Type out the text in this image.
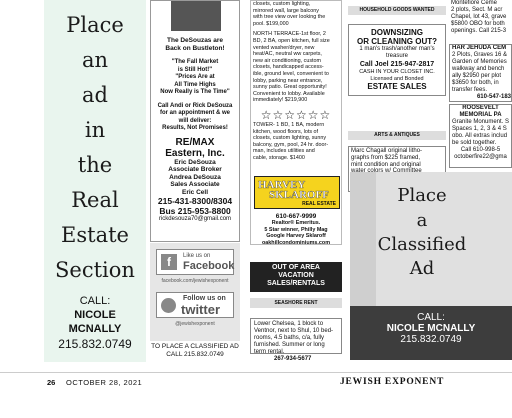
Place
an
ad
in
the
Real
Estate
Section
CALL:
NICOLE
MCNALLY
215.832.0749
The DeSouzas are
Back on Bustleton!
"The Fall Market
is Still Hot!"
"Prices Are at
All Time Highs
Now Really is The Time"
Call Andi or Rick DeSouza
for an appointment & we
will deliver:
Results, Not Promises!
RE/MAX
Eastern, Inc.
Eric DeSouza
Associate Broker
Andrea DeSouza
Sales Associate
Eric Cell
215-431-8300/8304
Bus 215-953-8800
rickdesouza70@gmail.com
f	Like us on
Facebook
facebook.com/jewishexponent
Follow us on
twitter
@jewishexponent
TO PLACE A CLASSIFIED AD
CALL 215.832.0749
closets, custom lighting,
mirrored wall, large balcony
with tree view over looking the
pool. $199,000
NORTH TERRACE-1st floor, 2
BD, 2 BA, open kitchen, full size
vented washer/dryer, new
heat/AC, neutral ww carpets,
new air conditioning, custom
closets, handicapped access-
ible, ground level, convenient to
lobby, parking near entrance,
sunny patio. Great opportunity!
Convenient to lobby. Available
immediately! $219,900
☆☆☆☆☆☆
TOWER- 1 BD, 1 BA, modern
kitchen, wood floors, lots of
closets, custom lighting, sunny
balcony, gym, pool, 24 hr. door-
man, includes utilities and
cable, storage. $1400
610-667-9999
Realtor® Emeritus.
5 Star winner, Philly Mag
Google Harvey Sklaroff
oakhillcondominiums.com
HARVEY
SKLAROFF
REAL ESTATE
OUT OF AREA
VACATION
SALES/RENTALS
SEASHORE RENT
Lower Chelsea, 1 block to
Ventnor, next to Shul, 10 bed-
rooms, 4.5 baths, c/a, fully
furnished. Summer or long
term rental.
267-934-5677
HOUSEHOLD GOODS WANTED
DOWNSIZING
OR CLEANING OUT?
1 man's trash/another man's
treasure
Call Joel 215-947-2817
CASH IN YOUR CLOSET INC.
Licensed and Bonded
ESTATE SALES
ARTS & ANTIQUES
Marc Chagall original litho-
graphs from $225 framed,
mint condition and original
Place
a
Classified
Ad
CALL:
NICOLE MCNALLY
215.832.0749
Montefiore Ceme
2 plots, Sect. M acr
Chapel, lot 43, grave
$5800 OBO for both
openings. Call 215-3
HAR JEHUDA CEM
2 Plots, Graves 16 &
Garden of Memories
walkway and bench
ally $2950 per plot
$3650 for both, in
transfer fees.
610-547-183
ROOSEVELT
MEMORIAL PA
Granite Monument. S
Spaces 1, 2, 3 & 4 S
obo. All extras includ
be sold together.
Call 610-998-5
octoberfire22@gma
26 OCTOBER 28, 2021	JEWISH EXPONENT
